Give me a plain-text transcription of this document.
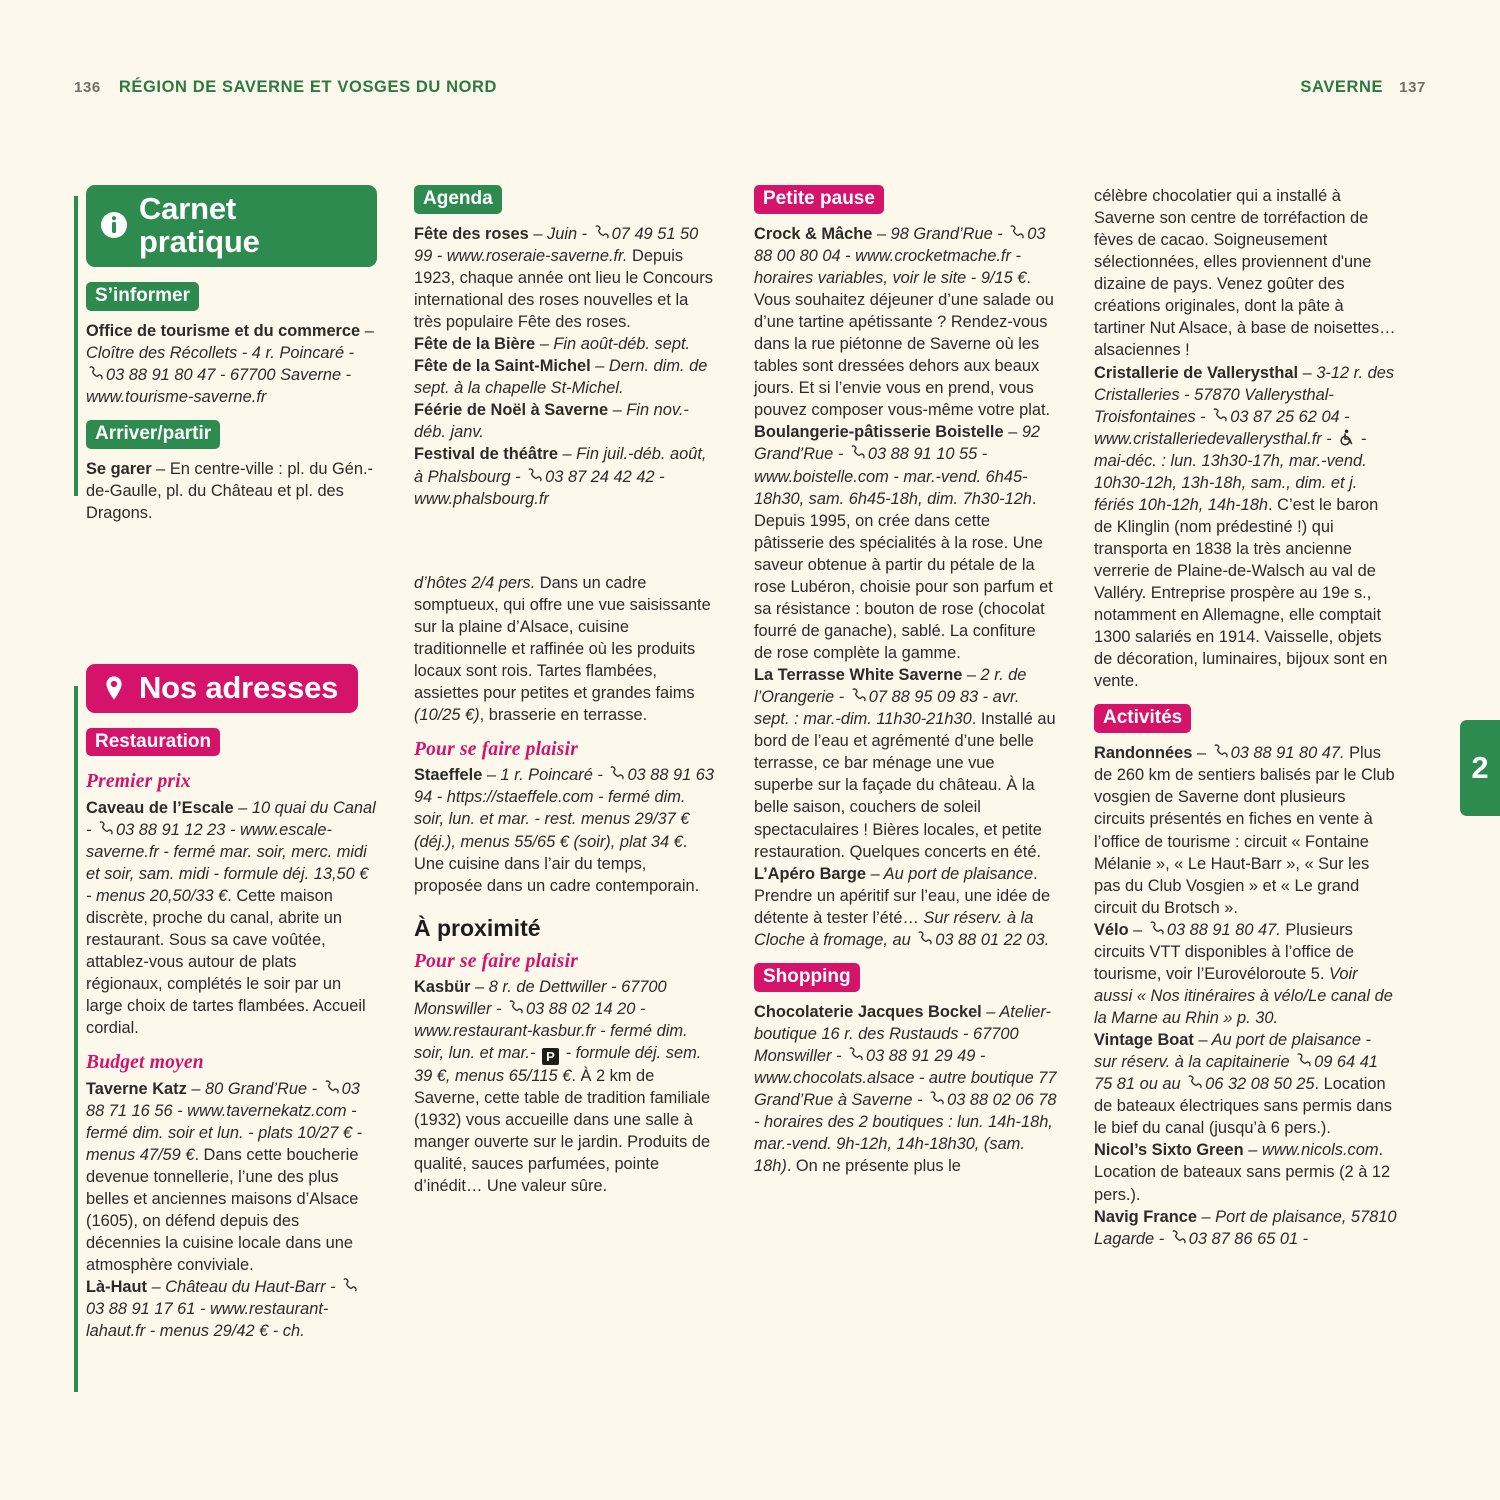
136 RÉGION DE SAVERNE ET VOSGES DU NORD	SAVERNE 137
2
Carnet pratique
S’informer

Office de tourisme et du commerce – Cloître des Récollets - 4 r. Poincaré -
03 88 91 80 47 - 67700 Saverne - www.tourisme-saverne.fr

Arriver/partir

Se garer – En centre-ville : pl. du Gén.-de-Gaulle, pl. du Château et pl. des Dragons.

Nos adresses
Restauration
Premier prix

Caveau de l’Escale – 10 quai du Canal -
03 88 91 12 23 - www.escale-saverne.fr - fermé mar. soir, merc. midi et soir, sam. midi - formule déj. 13,50 € - menus 20,50/33 €. Cette maison discrète, proche du canal, abrite un restaurant. Sous sa cave voûtée, attablez-vous autour de plats régionaux, complétés le soir par un large choix de tartes flambées. Accueil cordial.

Budget moyen

Taverne Katz – 80 Grand’Rue -
03 88 71 16 56 - www.tavernekatz.com - fermé dim. soir et lun. - plats 10/27 € - menus 47/59 €. Dans cette boucherie devenue tonnellerie, l’une des plus belles et anciennes maisons d’Alsace (1605), on défend depuis des décennies la cuisine locale dans une atmosphère conviviale.

Là-Haut – Château du Haut-Barr -
03 88 91 17 61 - www.restaurant-lahaut.fr - menus 29/42 € - ch.

Agenda

Fête des roses – Juin -
07 49 51 50 99 - www.roseraie-saverne.fr. Depuis 1923, chaque année ont lieu le Concours international des roses nouvelles et la très populaire Fête des roses.

Fête de la Bière – Fin août-déb. sept.

Fête de la Saint-Michel – Dern. dim. de sept. à la chapelle St-Michel.

Féérie de Noël à Saverne – Fin nov.-déb. janv.

Festival de théâtre – Fin juil.-déb. août, à Phalsbourg -
03 87 24 42 42 - www.phalsbourg.fr

d’hôtes 2/4 pers. Dans un cadre somptueux, qui offre une vue saisissante sur la plaine d’Alsace, cuisine traditionnelle et raffinée où les produits locaux sont rois. Tartes flambées, assiettes pour petites et grandes faims (10/25 €), brasserie en terrasse.

Pour se faire plaisir

Staeffele – 1 r. Poincaré -
03 88 91 63 94 - https://staeffele.com - fermé dim. soir, lun. et mar. - rest. menus 29/37 € (déj.), menus 55/65 € (soir), plat 34 €. Une cuisine dans l’air du temps, proposée dans un cadre contemporain.

À proximité
Pour se faire plaisir

Kasbür – 8 r. de Dettwiller - 67700 Monswiller -
03 88 02 14 20 - www.restaurant-kasbur.fr - fermé dim. soir, lun. et mar.- P - formule déj. sem. 39 €, menus 65/115 €. À 2 km de Saverne, cette table de tradition familiale (1932) vous accueille dans une salle à manger ouverte sur le jardin. Produits de qualité, sauces parfumées, pointe d’inédit… Une valeur sûre.

Petite pause

Crock & Mâche – 98 Grand’Rue -
03 88 00 80 04 - www.crocketmache.fr - horaires variables, voir le site - 9/15 €. Vous souhaitez déjeuner d’une salade ou d’une tartine apétissante ? Rendez-vous dans la rue piétonne de Saverne où les tables sont dressées dehors aux beaux jours. Et si l’envie vous en prend, vous pouvez composer vous-même votre plat.

Boulangerie-pâtisserie Boistelle – 92 Grand’Rue -
03 88 91 10 55 - www.boistelle.com - mar.-vend. 6h45-18h30, sam. 6h45-18h, dim. 7h30-12h. Depuis 1995, on crée dans cette pâtisserie des spécialités à la rose. Une saveur obtenue à partir du pétale de la rose Lubéron, choisie pour son parfum et sa résistance : bouton de rose (chocolat fourré de ganache), sablé. La confiture de rose complète la gamme.

La Terrasse White Saverne – 2 r. de l’Orangerie -
07 88 95 09 83 - avr. sept. : mar.-dim. 11h30-21h30. Installé au bord de l’eau et agrémenté d’une belle terrasse, ce bar ménage une vue superbe sur la façade du château. À la belle saison, couchers de soleil spectaculaires ! Bières locales, et petite restauration. Quelques concerts en été.

L’Apéro Barge – Au port de plaisance. Prendre un apéritif sur l’eau, une idée de détente à tester l’été… Sur réserv. à la Cloche à fromage, au
03 88 01 22 03.

Shopping

Chocolaterie Jacques Bockel – Atelier-boutique 16 r. des Rustauds - 67700 Monswiller -
03 88 91 29 49 - www.chocolats.alsace - autre boutique 77 Grand’Rue à Saverne -
03 88 02 06 78 - horaires des 2 boutiques : lun. 14h-18h, mar.-vend. 9h-12h, 14h-18h30, (sam. 18h). On ne présente plus le

célèbre chocolatier qui a installé à Saverne son centre de torréfaction de fèves de cacao. Soigneusement sélectionnées, elles proviennent d'une dizaine de pays. Venez goûter des créations originales, dont la pâte à tartiner Nut Alsace, à base de noisettes… alsaciennes !

Cristallerie de Vallerysthal – 3-12 r. des Cristalleries - 57870 Vallerysthal-Troisfontaines -
03 87 25 62 04 - www.cristalleriedevallerysthal.fr -
- mai-déc. : lun. 13h30-17h, mar.-vend. 10h30-12h, 13h-18h, sam., dim. et j. fériés 10h-12h, 14h-18h. C’est le baron de Klinglin (nom prédestiné !) qui transporta en 1838 la très ancienne verrerie de Plaine-de-Walsch au val de Valléry. Entreprise prospère au 19e s., notamment en Allemagne, elle comptait 1300 salariés en 1914. Vaisselle, objets de décoration, luminaires, bijoux sont en vente.

Activités

Randonnées –
03 88 91 80 47. Plus de 260 km de sentiers balisés par le Club vosgien de Saverne dont plusieurs circuits présentés en fiches en vente à l’office de tourisme : circuit « Fontaine Mélanie », « Le Haut-Barr », « Sur les pas du Club Vosgien » et « Le grand circuit du Brotsch ».

Vélo –
03 88 91 80 47. Plusieurs circuits VTT disponibles à l’office de tourisme, voir l’Eurovéloroute 5. Voir aussi « Nos itinéraires à vélo/Le canal de la Marne au Rhin » p. 30.

Vintage Boat – Au port de plaisance - sur réserv. à la capitainerie
09 64 41 75 81 ou au
06 32 08 50 25. Location de bateaux électriques sans permis dans le bief du canal (jusqu’à 6 pers.).

Nicol’s Sixto Green – www.nicols.com. Location de bateaux sans permis (2 à 12 pers.).

Navig France – Port de plaisance, 57810 Lagarde -
03 87 86 65 01 -
